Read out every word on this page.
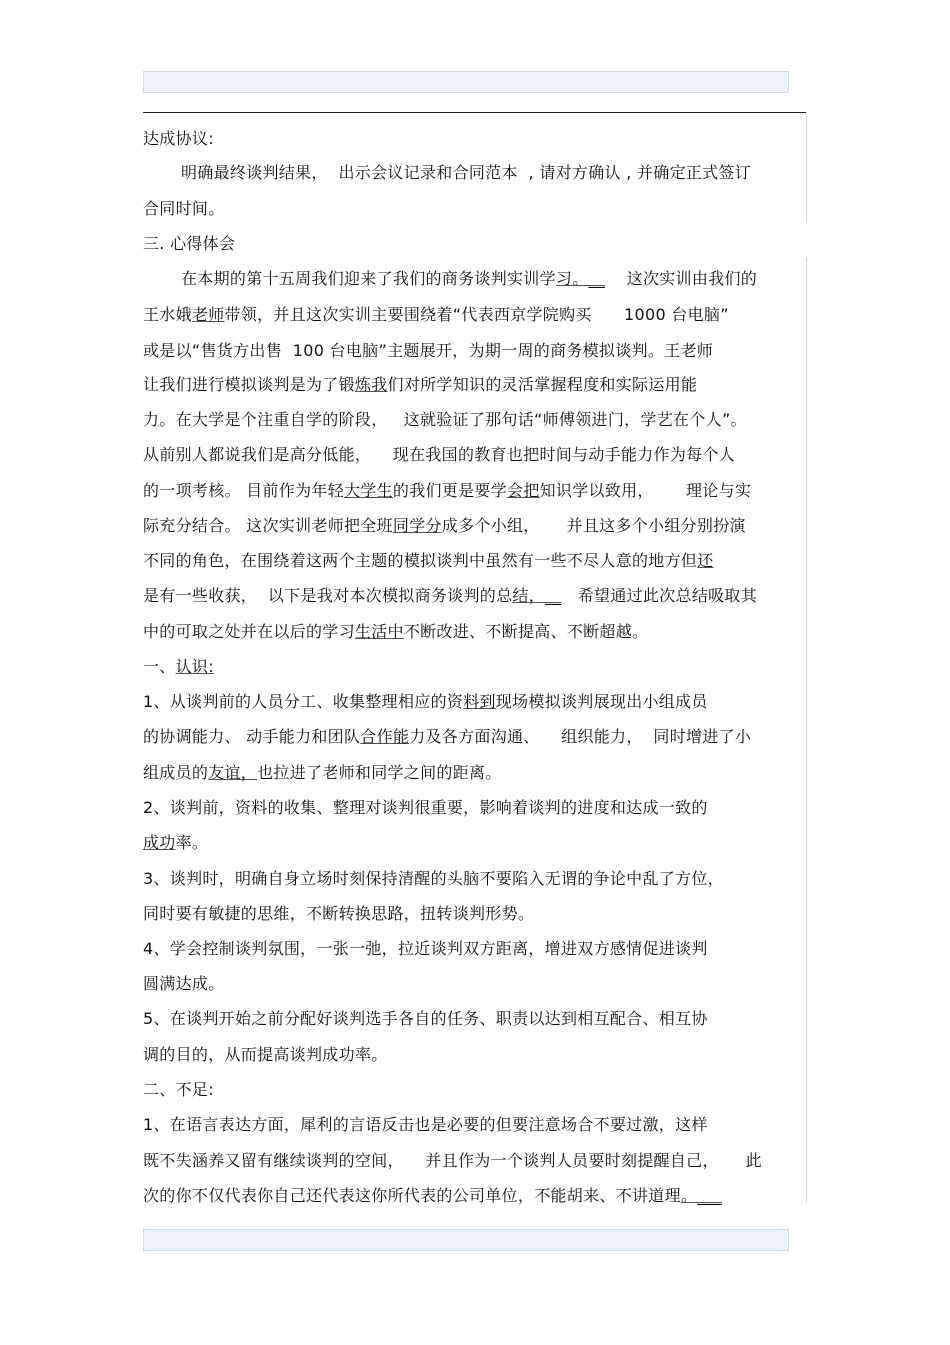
达成协议:
明确最终谈判结果，  出示会议记录和合同范本  , 请对方确认 , 并确定正式签订
合同时间。
三. 心得体会
在本期的第十五周我们迎来了我们的商务谈判实训学习。__    这次实训由我们的
王水娥老师带领，并且这次实训主要围绕着“代表西京学院购买      1000 台电脑”
或是以“售货方出售  100 台电脑”主题展开，为期一周的商务模拟谈判。王老师
让我们进行模拟谈判是为了锻炼我们对所学知识的灵活掌握程度和实际运用能
力。在大学是个注重自学的阶段，   这就验证了那句话“师傅领进门，学艺在个人”。
从前别人都说我们是高分低能，    现在我国的教育也把时间与动手能力作为每个人
的一项考核。 目前作为年轻大学生的我们更是要学会把知识学以致用，      理论与实
际充分结合。 这次实训老师把全班同学分成多个小组，     并且这多个小组分别扮演
不同的角色，在围绕着这两个主题的模拟谈判中虽然有一些不尽人意的地方但还
是有一些收获，  以下是我对本次模拟商务谈判的总结，__   希望通过此次总结吸取其
中的可取之处并在以后的学习生活中不断改进、不断提高、不断超越。
一、认识:
1、从谈判前的人员分工、收集整理相应的资料到现场模拟谈判展现出小组成员
的协调能力、 动手能力和团队合作能力及各方面沟通、    组织能力，  同时增进了小
组成员的友谊，也拉进了老师和同学之间的距离。
2、谈判前，资料的收集、整理对谈判很重要，影响着谈判的进度和达成一致的
成功率。
3、谈判时，明确自身立场时刻保持清醒的头脑不要陷入无谓的争论中乱了方位，
同时要有敏捷的思维，不断转换思路，扭转谈判形势。
4、学会控制谈判氛围，一张一弛，拉近谈判双方距离，增进双方感情促进谈判
圆满达成。
5、在谈判开始之前分配好谈判选手各自的任务、职责以达到相互配合、相互协
调的目的，从而提高谈判成功率。
二、不足:
1、在语言表达方面，犀利的言语反击也是必要的但要注意场合不要过激，这样
既不失涵养又留有继续谈判的空间，    并且作为一个谈判人员要时刻提醒自己，     此
次的你不仅代表你自己还代表这你所代表的公司单位，不能胡来、不讲道理。___
